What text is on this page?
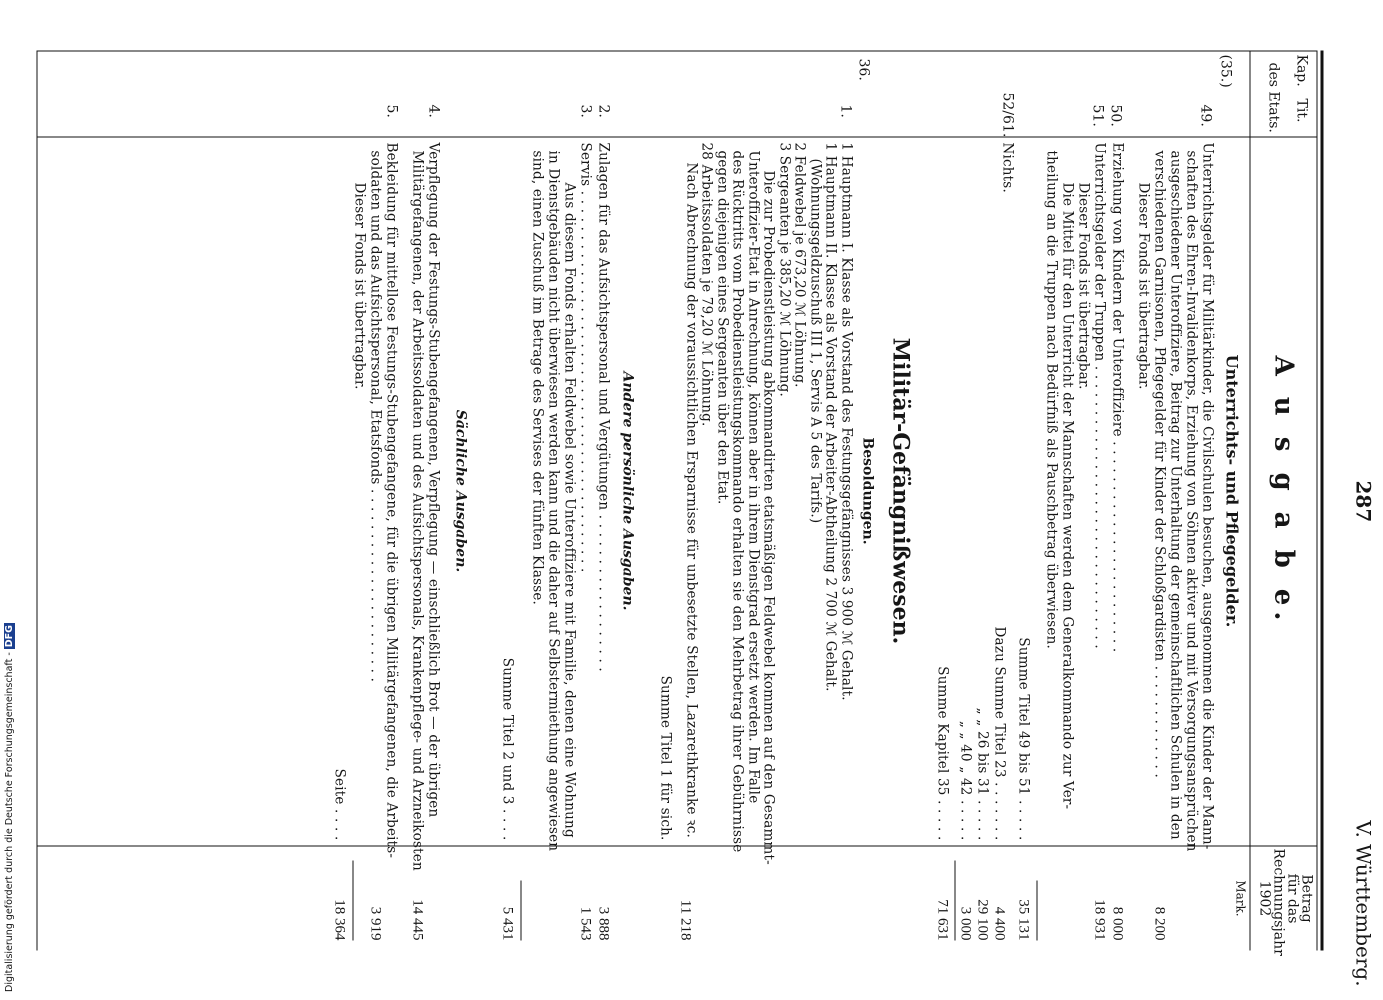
V. Württemberg.
287
Kap.
Tit.
des Etats.
A u s g a b e.
Betrag
für das
Rechnungsjahr
1902
Mark.
(35.)
Unterrichts- und Pflegegelder.
49.
Unterrichtsgelder für Militärkinder, die Civilschulen besuchen, ausgenommen die Kinder der Mann-
schaften des Ehren-Invalidenkorps, Erziehung von Söhnen aktiver und mit Versorgungsansprüchen
ausgeschiedener Unteroffiziere, Beitrag zur Unterhaltung der gemeinschaftlichen Schulen in den
verschiedenen Garnisonen, Pflegegelder für Kinder der Schloßgardisten . . . . . . . . . . . . .
Dieser Fonds ist übertragbar.
8 200
50.
Erziehung von Kindern der Unteroffiziere . . . . . . . . . . . . . . . . . . . . . . . .
8 000
51.
Unterrichtsgelder der Truppen . . . . . . . . . . . . . . . . . . . . . . . . . . . . . . . .
Dieser Fonds ist übertragbar.
Die Mittel für den Unterricht der Mannschaften werden dem Generalkommando zur Ver-
theilung an die Truppen nach Bedürfniß als Pauschbetrag überwiesen.
18 931
Summe Titel 49 bis 51 . . . . .
35 131
52/61.
Nichts.
Dazu Summe Titel 23 . . . . . . .
4 400
„ „ 26 bis 31 . . . . .
29 100
„ „ 40 „ 42 . . . . .
3 000
Summe Kapitel 35 . . . . .
71 631
Militär-Gefängnißwesen.
36.
Besoldungen.
1.
1 Hauptmann I. Klasse als Vorstand des Festungsgefängnisses 3 900 ℳ Gehalt.
1 Hauptmann II. Klasse als Vorstand der Arbeiter-Abtheilung 2 700 ℳ Gehalt.
(Wohnungsgeldzuschuß III 1, Servis A 5 des Tarifs.)
2 Feldwebel je 673,20 ℳ Löhnung.
3 Sergeanten je 385,20 ℳ Löhnung.
Die zur Probedienstleistung abkommandirten etatsmäßigen Feldwebel kommen auf den Gesammt-
Unteroffizier-Etat in Anrechnung, können aber in ihrem Dienstgrad ersetzt werden. Im Falle
des Rücktritts vom Probedienstleistungskommando erhalten sie den Mehrbetrag ihrer Gebührnisse
gegen diejenigen eines Sergeanten über den Etat.
28 Arbeitssoldaten je 79,20 ℳ Löhnung.
Nach Abrechnung der voraussichtlichen Ersparnisse für unbesetzte Stellen, Lazarethkranke ꝛc.
Summe Titel 1 für sich.
11 218
Andere persönliche Ausgaben.
2.
Zulagen für das Aufsichtspersonal und Vergütungen . . . . . . . . . . . . . . . . . .
3 888
3.
Servis . . . . . . . . . . . . . . . . . . . . . . . . . . . . . . . . . . . . . . . . . . .
Aus diesem Fonds erhalten Feldwebel sowie Unteroffiziere mit Familie, denen eine Wohnung
in Dienstgebäuden nicht überwiesen werden kann und die daher auf Selbstermiethung angewiesen
sind, einen Zuschuß im Betrage des Servises der fünften Klasse.
1 543
Summe Titel 2 und 3 . . . .
5 431
Sächliche Ausgaben.
4.
Verpflegung der Festungs-Stubengefangenen, Verpflegung — einschließlich Brot — der übrigen
Militärgefangenen, der Arbeitssoldaten und des Aufsichtspersonals, Krankenpflege- und Arzneikosten
14 445
5.
Bekleidung für mittellose Festungs-Stubengefangene, für die übrigen Militärgefangenen, die Arbeits-
soldaten und das Aufsichtspersonal, Etatsfonds . . . . . . . . . . . . . . . . . . . . . .
Dieser Fonds ist übertragbar.
3 919
Seite . . . .
18 364
Digitalisierung gefördert durch die Deutsche Forschungsgemeinschaft -DFG
